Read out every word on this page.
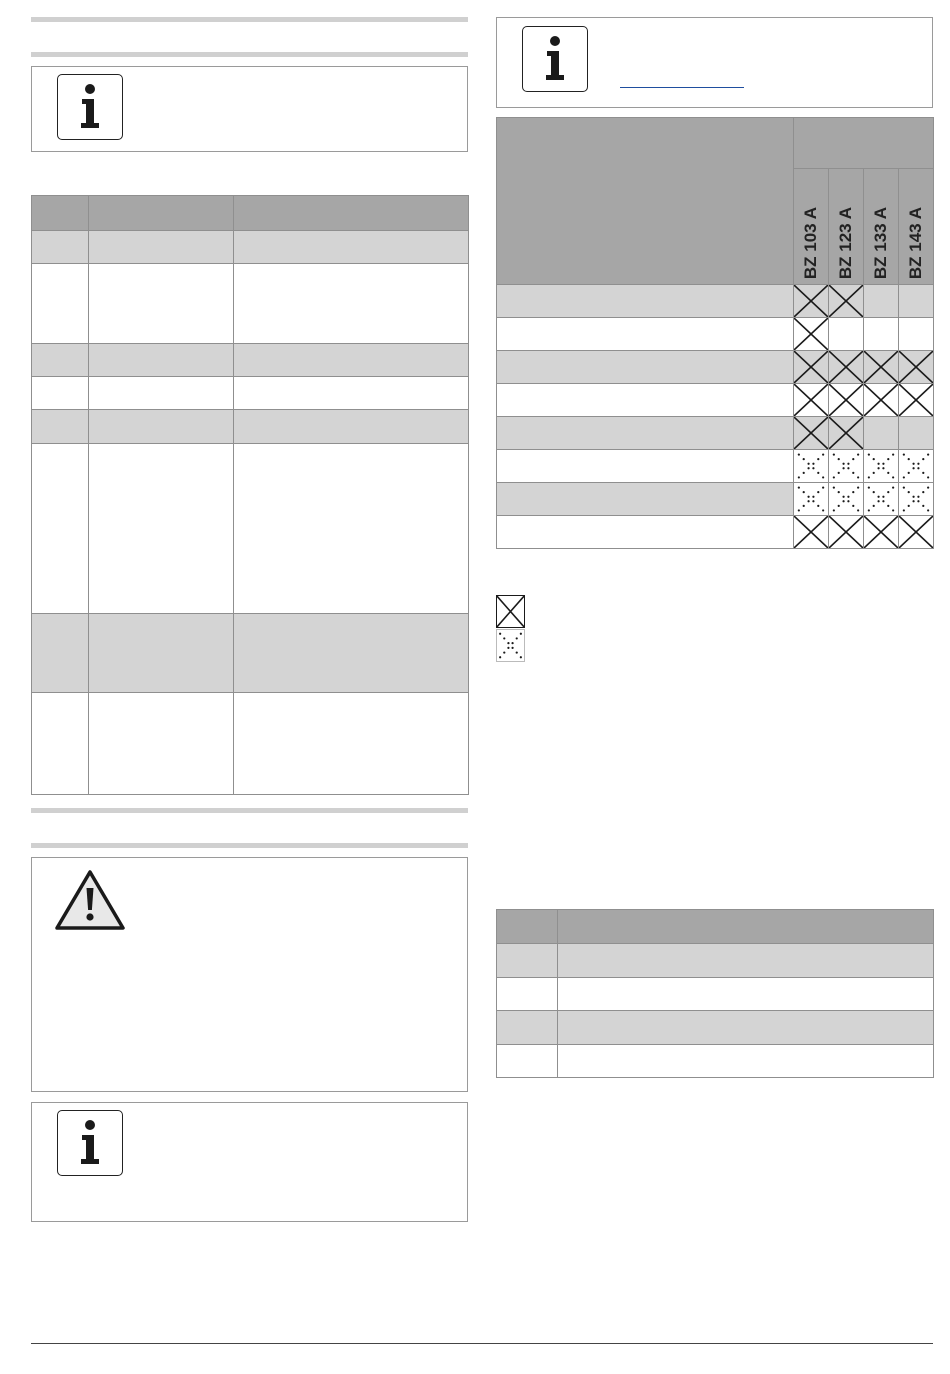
	BZ 103 A	BZ 123 A	BZ 133 A	BZ 143 A
